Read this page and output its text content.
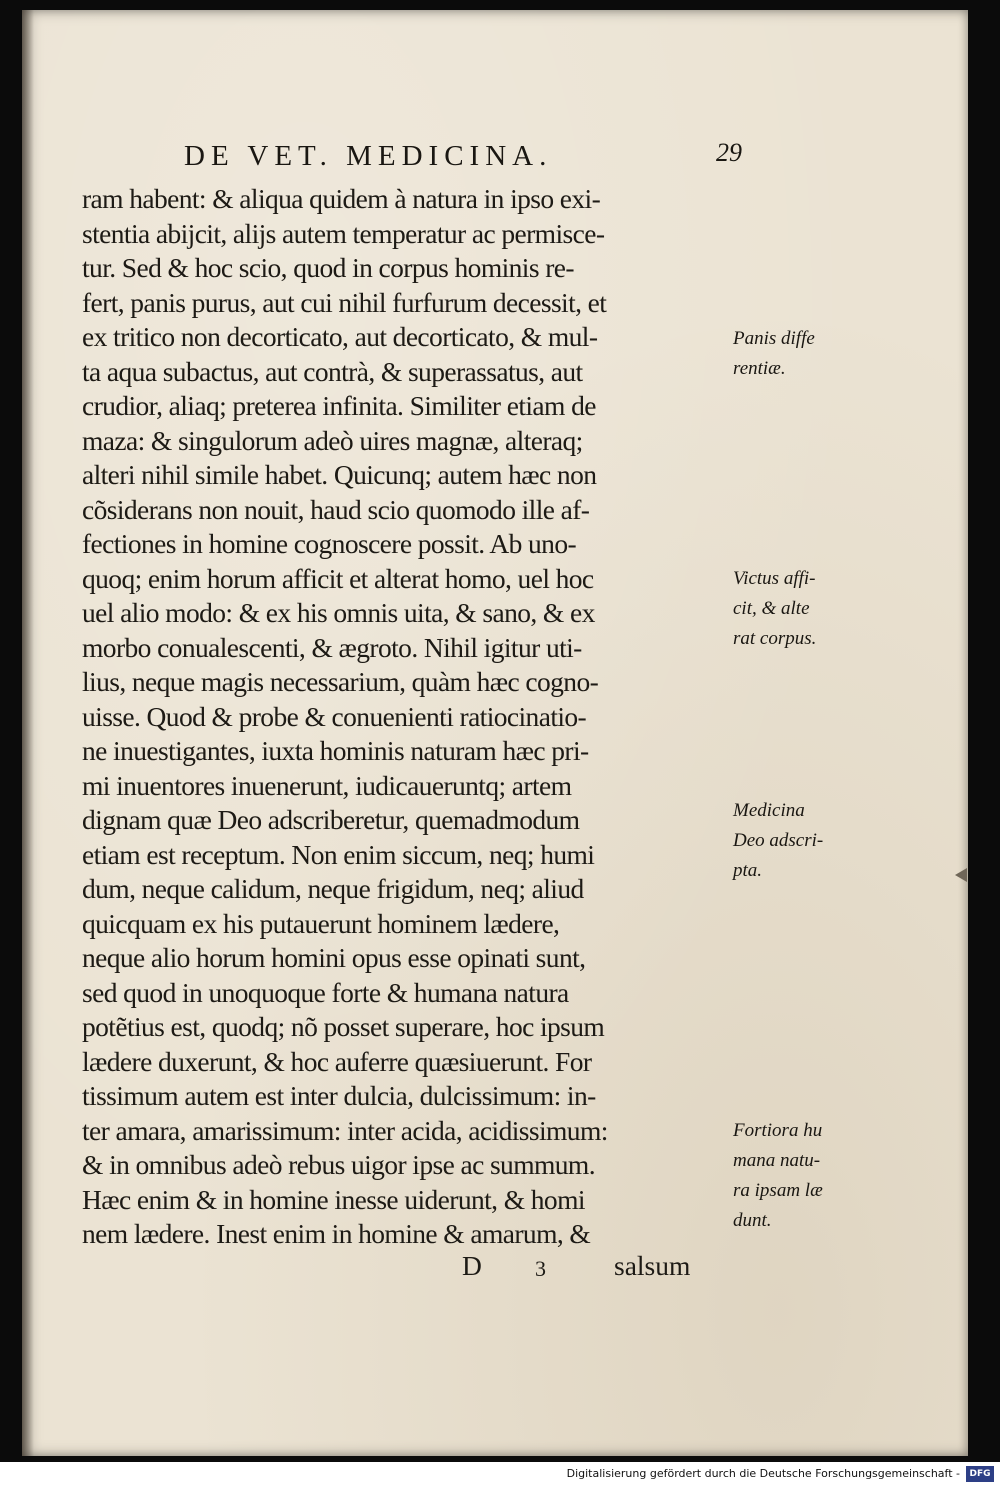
DE VET. MEDICINA.	29
ram habent: & aliqua quidem à natura in ipso exi-
stentia abijcit, alijs autem temperatur ac permisce-
tur. Sed & hoc scio, quod in corpus hominis re-
fert, panis purus, aut cui nihil furfurum decessit, et
ex tritico non decorticato, aut decorticato, & mul-
ta aqua subactus, aut contrà, & superassatus, aut
crudior, aliaq; preterea infinita. Similiter etiam de
maza: & singulorum adeò uires magnæ, alteraq;
alteri nihil simile habet. Quicunq; autem hæc non
cõsiderans non nouit, haud scio quomodo ille af-
fectiones in homine cognoscere possit. Ab uno-
quoq; enim horum afficit et alterat homo, uel hoc
uel alio modo: & ex his omnis uita, & sano, & ex
morbo conualescenti, & ægroto. Nihil igitur uti-
lius, neque magis necessarium, quàm hæc cogno-
uisse. Quod & probe & conuenienti ratiocinatio-
ne inuestigantes, iuxta hominis naturam hæc pri-
mi inuentores inuenerunt, iudicaueruntq; artem
dignam quæ Deo adscriberetur, quemadmodum
etiam est receptum. Non enim siccum, neq; humi
dum, neque calidum, neque frigidum, neq; aliud
quicquam ex his putauerunt hominem lædere,
neque alio horum homini opus esse opinati sunt,
sed quod in unoquoque forte & humana natura
potẽtius est, quodq; nõ posset superare, hoc ipsum
lædere duxerunt, & hoc auferre quæsiuerunt. For
tissimum autem est inter dulcia, dulcissimum: in-
ter amara, amarissimum: inter acida, acidissimum:
& in omnibus adeò rebus uigor ipse ac summum.
Hæc enim & in homine inesse uiderunt, & homi
nem lædere. Inest enim in homine & amarum, &
Panis diffe
rentiæ.
Victus affi-
cit, & alte
rat corpus.
Medicina
Deo adscri-
pta.
Fortiora hu
mana natu-
ra ipsam læ
dunt.
D 3 salsum
Digitalisierung gefördert durch die Deutsche Forschungsgemeinschaft -	DFG
